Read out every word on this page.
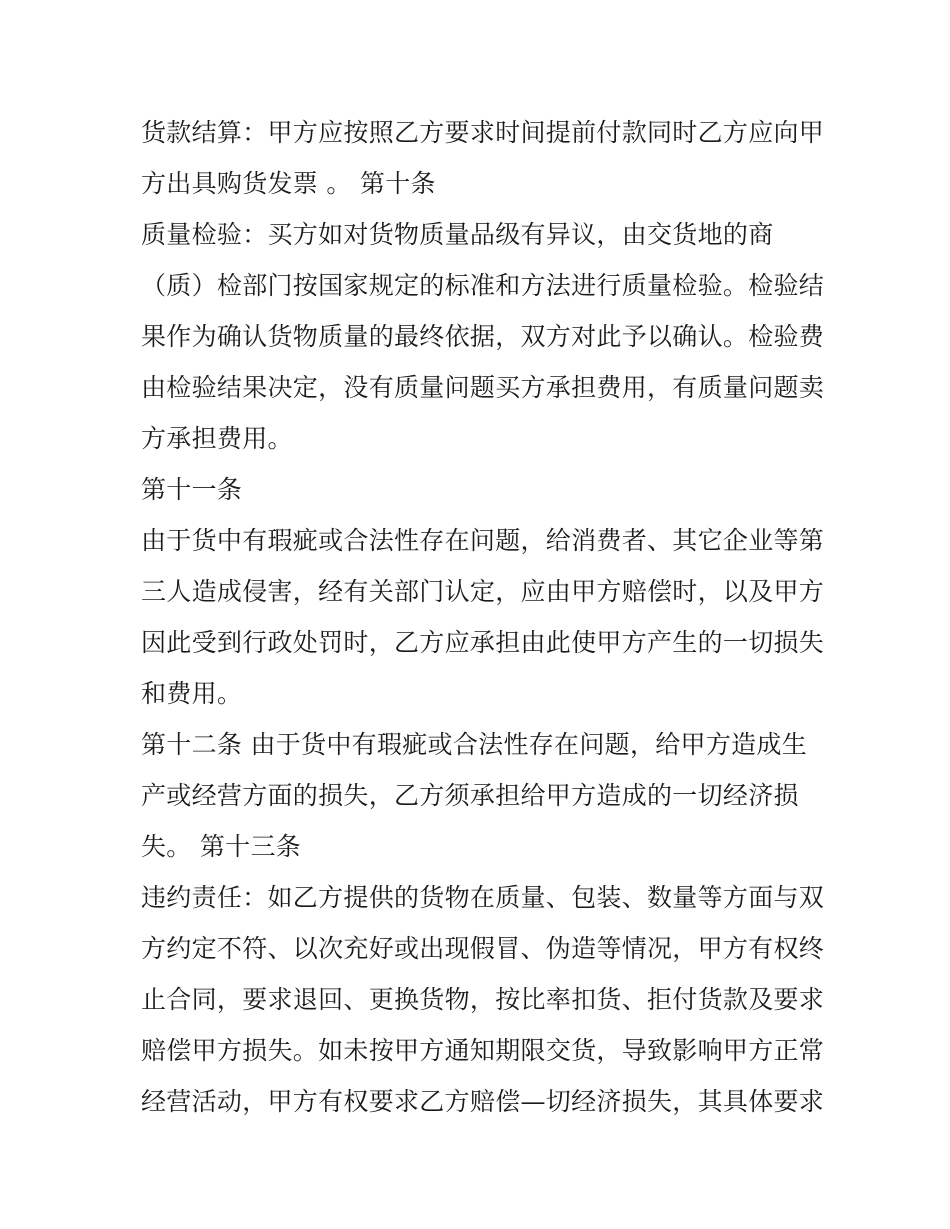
货款结算：甲方应按照乙方要求时间提前付款同时乙方应向甲
方出具购货发票 。 第十条
质量检验：买方如对货物质量品级有异议，由交货地的商
（质）检部门按国家规定的标准和方法进行质量检验。检验结
果作为确认货物质量的最终依据，双方对此予以确认。检验费
由检验结果决定，没有质量问题买方承担费用，有质量问题卖
方承担费用。
第十一条
由于货中有瑕疵或合法性存在问题，给消费者、其它企业等第
三人造成侵害，经有关部门认定，应由甲方赔偿时，以及甲方
因此受到行政处罚时，乙方应承担由此使甲方产生的一切损失
和费用。
第十二条 由于货中有瑕疵或合法性存在问题，给甲方造成生
产或经营方面的损失，乙方须承担给甲方造成的一切经济损
失。 第十三条
违约责任：如乙方提供的货物在质量、包装、数量等方面与双
方约定不符、以次充好或出现假冒、伪造等情况，甲方有权终
止合同，要求退回、更换货物，按比率扣货、拒付货款及要求
赔偿甲方损失。如未按甲方通知期限交货，导致影响甲方正常
经营活动，甲方有权要求乙方赔偿—切经济损失，其具体要求
